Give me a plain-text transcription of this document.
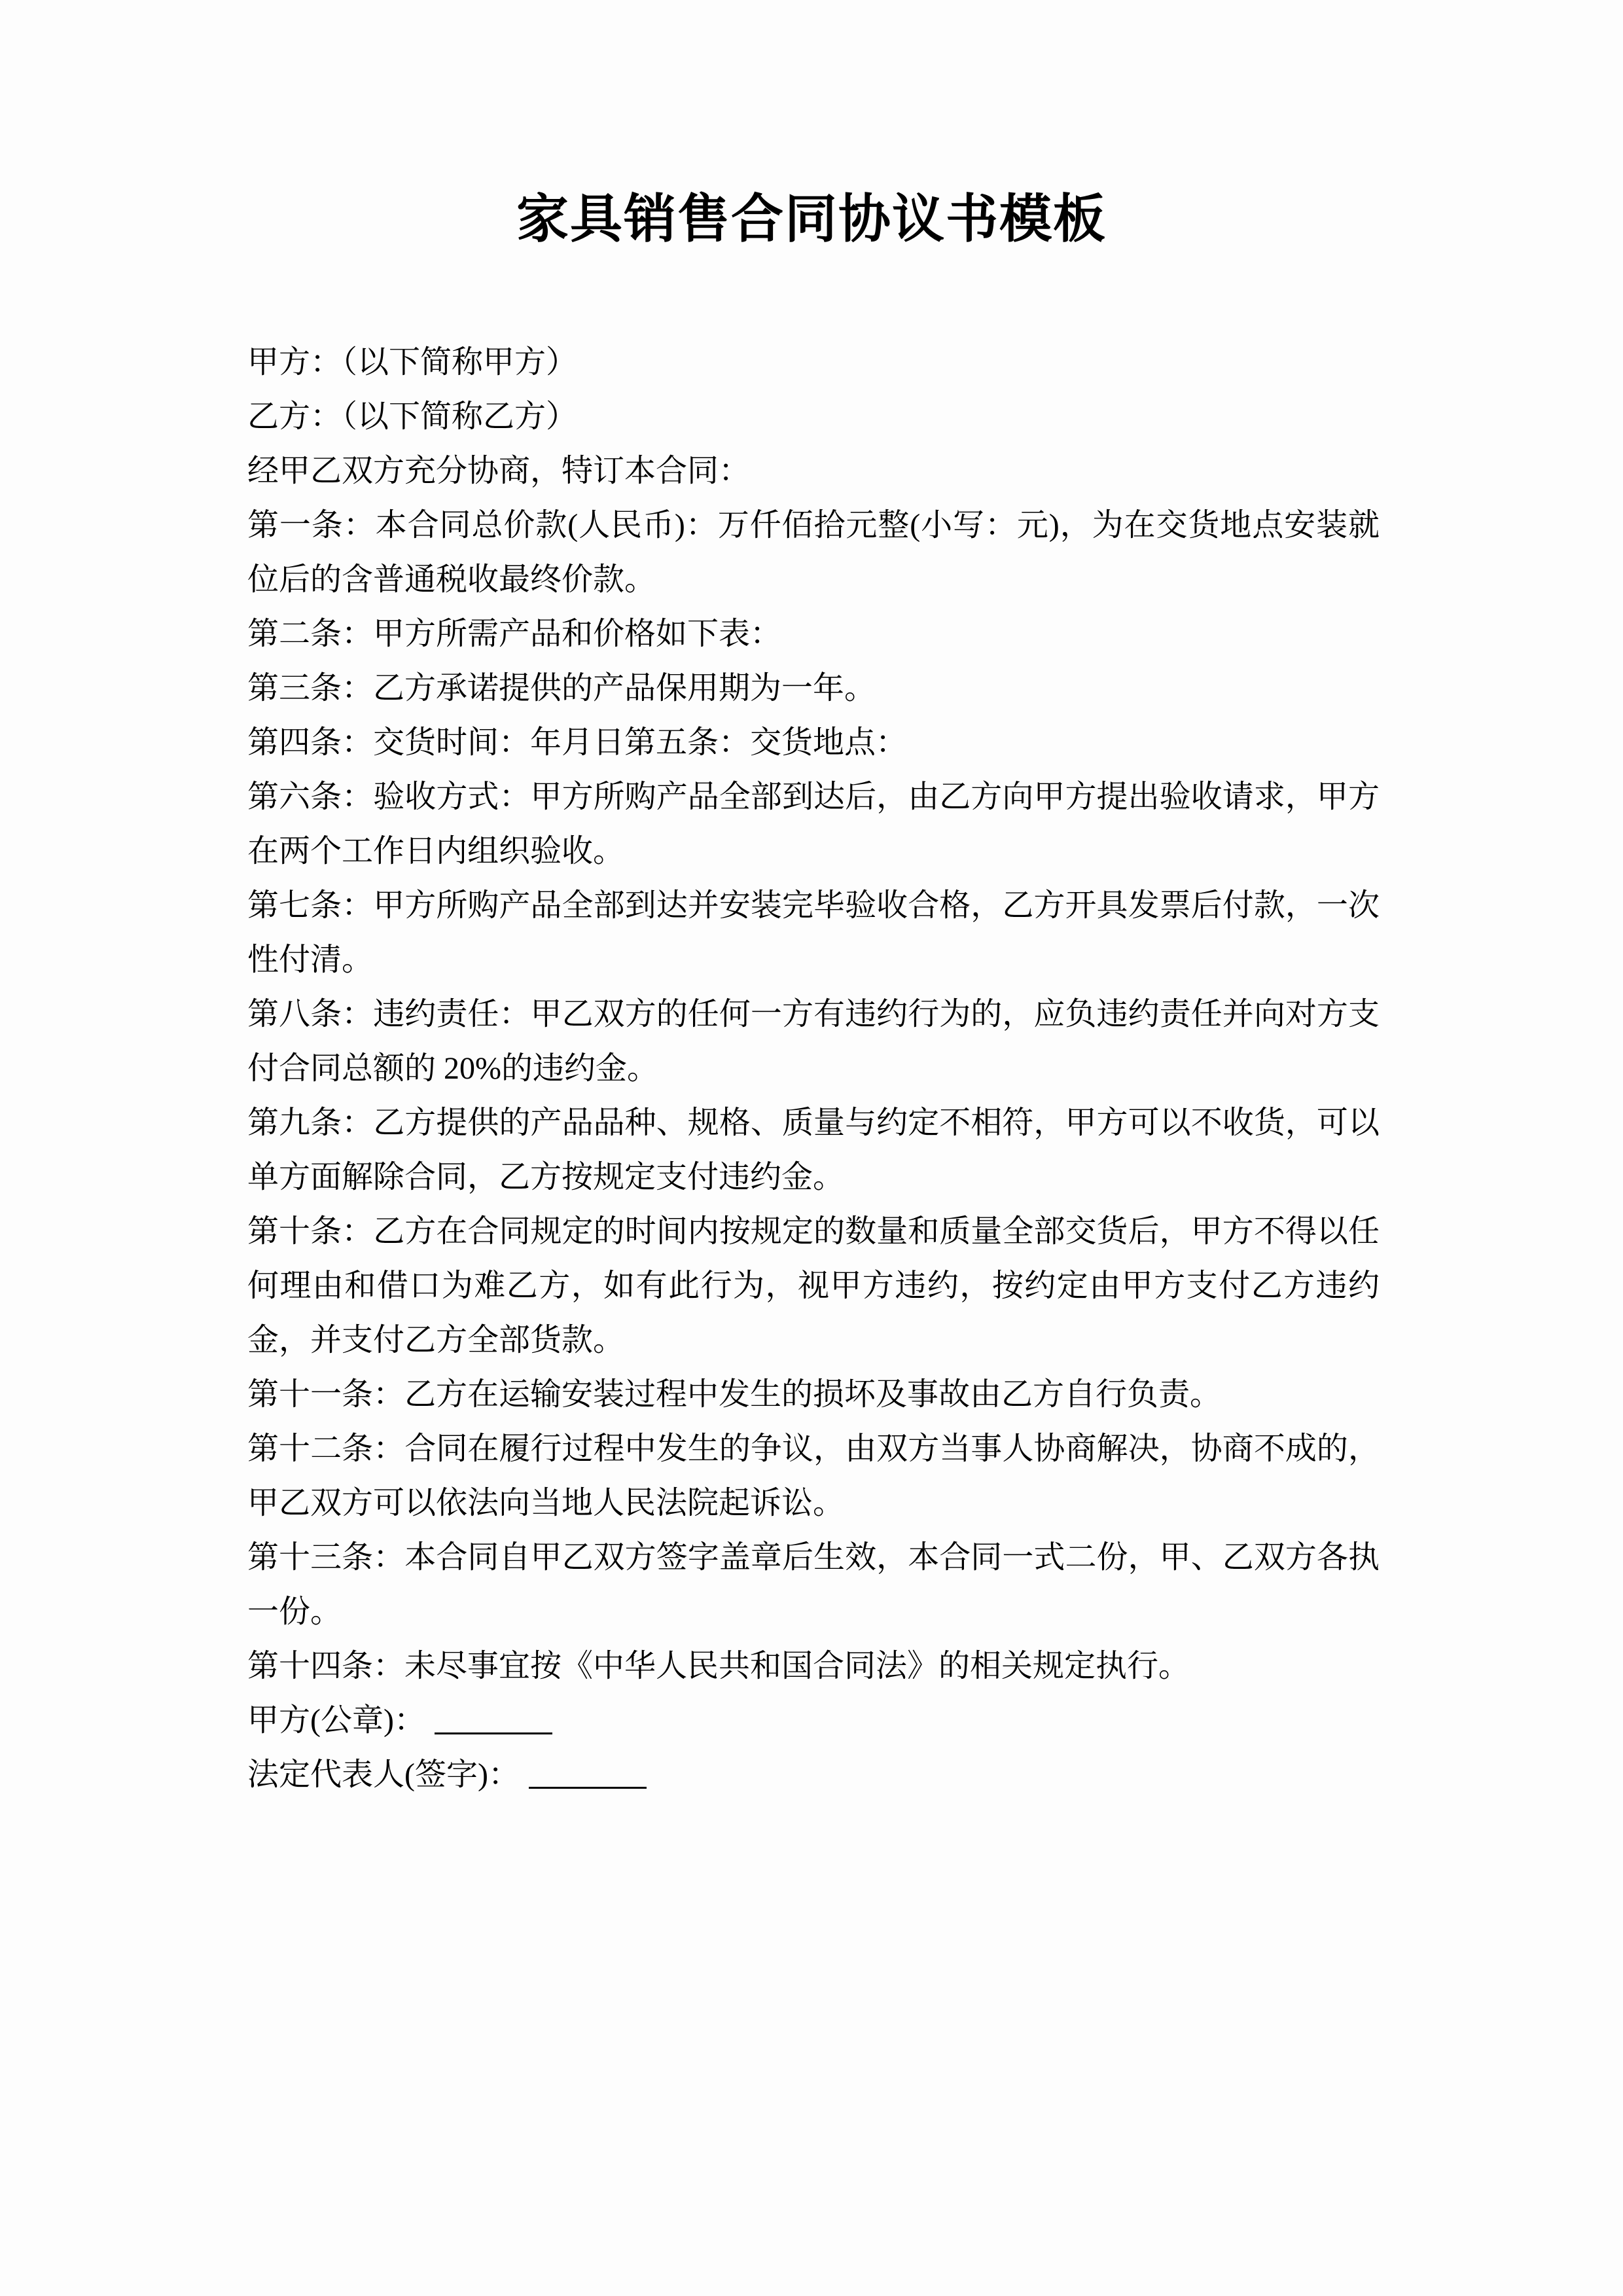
家具销售合同协议书模板

甲方：（以下简称甲方）

乙方：（以下简称乙方）

经甲乙双方充分协商，特订本合同：

第一条：本合同总价款(人民币)：万仟佰拾元整(小写：元)，为在交货地点安装就位后的含普通税收最终价款。

第二条：甲方所需产品和价格如下表：

第三条：乙方承诺提供的产品保用期为一年。

第四条：交货时间：年月日第五条：交货地点：

第六条：验收方式：甲方所购产品全部到达后，由乙方向甲方提出验收请求，甲方在两个工作日内组织验收。

第七条：甲方所购产品全部到达并安装完毕验收合格，乙方开具发票后付款，一次性付清。

第八条：违约责任：甲乙双方的任何一方有违约行为的，应负违约责任并向对方支付合同总额的 20%的违约金。

第九条：乙方提供的产品品种、规格、质量与约定不相符，甲方可以不收货，可以单方面解除合同，乙方按规定支付违约金。

第十条：乙方在合同规定的时间内按规定的数量和质量全部交货后，甲方不得以任何理由和借口为难乙方，如有此行为，视甲方违约，按约定由甲方支付乙方违约金，并支付乙方全部货款。

第十一条：乙方在运输安装过程中发生的损坏及事故由乙方自行负责。

第十二条：合同在履行过程中发生的争议，由双方当事人协商解决，协商不成的，甲乙双方可以依法向当地人民法院起诉讼。

第十三条：本合同自甲乙双方签字盖章后生效，本合同一式二份，甲、乙双方各执一份。

第十四条：未尽事宜按《中华人民共和国合同法》的相关规定执行。

甲方(公章)：

法定代表人(签字)：
